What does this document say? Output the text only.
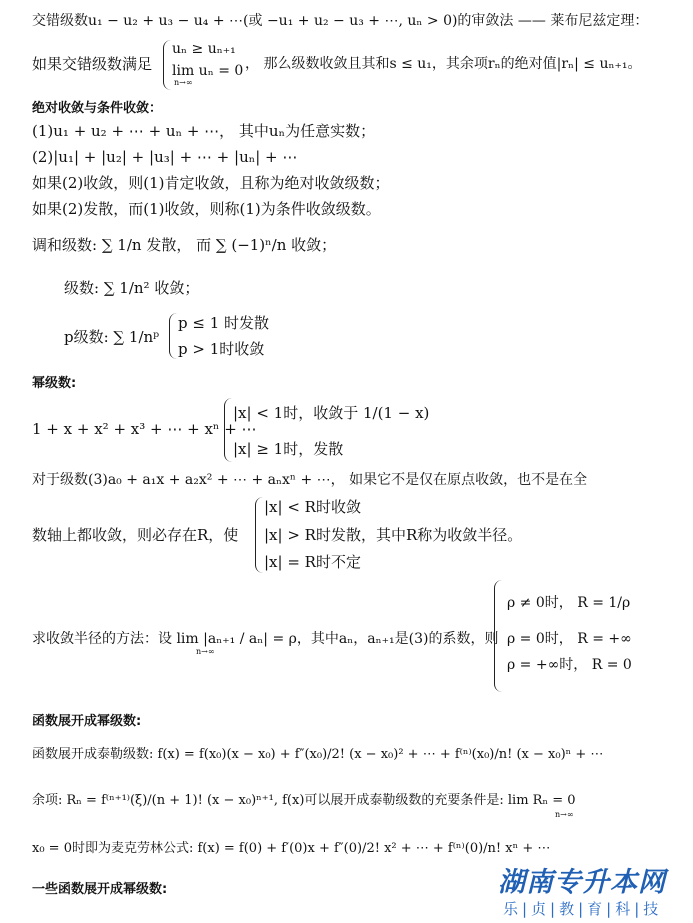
交错级数u₁ − u₂ + u₃ − u₄ + ⋯(或 −u₁ + u₂ − u₃ + ⋯, uₙ > 0)的审敛法 —— 莱布尼兹定理：
如果交错级数满足
uₙ ≥ uₙ₊₁
lim uₙ = 0
n→∞
， 那么级数收敛且其和s ≤ u₁，其余项rₙ的绝对值|rₙ| ≤ uₙ₊₁。
绝对收敛与条件收敛：
(1)u₁ + u₂ + ⋯ + uₙ + ⋯， 其中uₙ为任意实数；
(2)|u₁| + |u₂| + |u₃| + ⋯ + |uₙ| + ⋯
如果(2)收敛，则(1)肯定收敛，且称为绝对收敛级数；
如果(2)发散，而(1)收敛，则称(1)为条件收敛级数。
调和级数: ∑ 1/n 发散， 而 ∑ (−1)ⁿ/n 收敛；
级数: ∑ 1/n² 收敛；
p级数: ∑ 1/nᵖ
p ≤ 1 时发散
p > 1时收敛
幂级数:
1 + x + x² + x³ + ⋯ + xⁿ + ⋯
|x| < 1时，收敛于 1/(1 − x)
|x| ≥ 1时，发散
对于级数(3)a₀ + a₁x + a₂x² + ⋯ + aₙxⁿ + ⋯， 如果它不是仅在原点收敛，也不是在全
数轴上都收敛，则必存在R，使
|x| < R时收敛
|x| > R时发散，其中R称为收敛半径。
|x| = R时不定
求收敛半径的方法：设 lim |aₙ₊₁ / aₙ| = ρ，其中aₙ，aₙ₊₁是(3)的系数，则
n→∞
ρ ≠ 0时， R = 1/ρ
ρ = 0时， R = +∞
ρ = +∞时， R = 0
函数展开成幂级数:
函数展开成泰勒级数: f(x) = f(x₀)(x − x₀) + f″(x₀)/2! (x − x₀)² + ⋯ + f⁽ⁿ⁾(x₀)/n! (x − x₀)ⁿ + ⋯
余项: Rₙ = f⁽ⁿ⁺¹⁾(ξ)/(n + 1)! (x − x₀)ⁿ⁺¹, f(x)可以展开成泰勒级数的充要条件是: lim Rₙ = 0
n→∞
x₀ = 0时即为麦克劳林公式: f(x) = f(0) + f′(0)x + f″(0)/2! x² + ⋯ + f⁽ⁿ⁾(0)/n! xⁿ + ⋯
一些函数展开成幂级数:	湖南专升本网
乐|贞|教|育|科|技
